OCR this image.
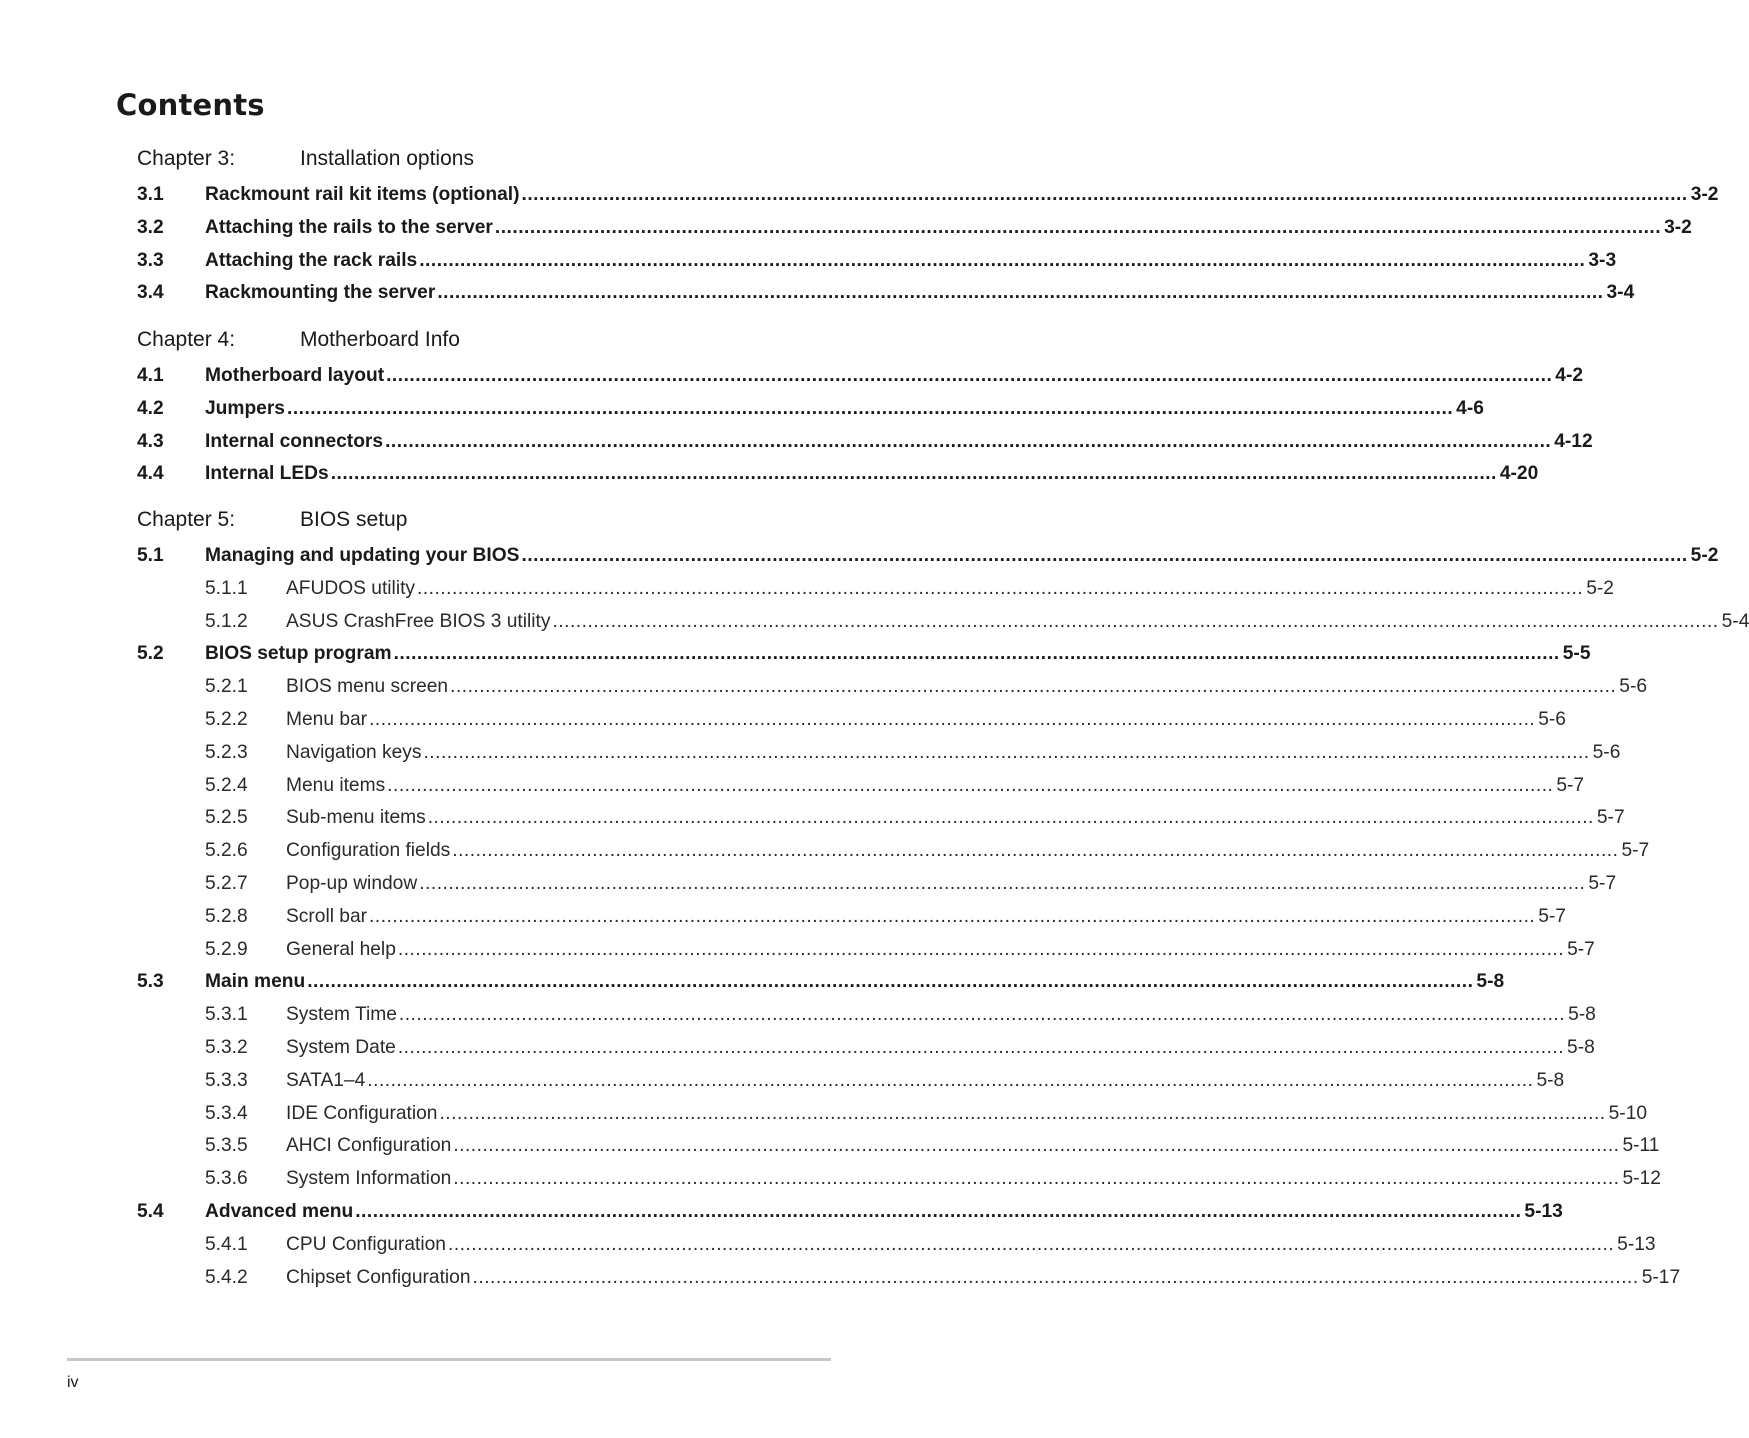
Contents
Chapter 3:	Installation options
3.1 Rackmount rail kit items (optional) ........................................................................................................................................................................................................ 3-2
3.2 Attaching the rails to the server ........................................................................................................................................................................................................ 3-2
3.3 Attaching the rack rails ........................................................................................................................................................................................................ 3-3
3.4 Rackmounting the server ........................................................................................................................................................................................................ 3-4
Chapter 4:	Motherboard Info
4.1 Motherboard layout ........................................................................................................................................................................................................ 4-2
4.2 Jumpers ........................................................................................................................................................................................................ 4-6
4.3 Internal connectors ........................................................................................................................................................................................................ 4-12
4.4 Internal LEDs ........................................................................................................................................................................................................ 4-20
Chapter 5:	BIOS setup
5.1 Managing and updating your BIOS ........................................................................................................................................................................................................ 5-2
5.1.1 AFUDOS utility ........................................................................................................................................................................................................ 5-2
5.1.2 ASUS CrashFree BIOS 3 utility ........................................................................................................................................................................................................ 5-4
5.2 BIOS setup program ........................................................................................................................................................................................................ 5-5
5.2.1 BIOS menu screen ........................................................................................................................................................................................................ 5-6
5.2.2 Menu bar ........................................................................................................................................................................................................ 5-6
5.2.3 Navigation keys ........................................................................................................................................................................................................ 5-6
5.2.4 Menu items ........................................................................................................................................................................................................ 5-7
5.2.5 Sub-menu items ........................................................................................................................................................................................................ 5-7
5.2.6 Configuration fields ........................................................................................................................................................................................................ 5-7
5.2.7 Pop-up window ........................................................................................................................................................................................................ 5-7
5.2.8 Scroll bar ........................................................................................................................................................................................................ 5-7
5.2.9 General help ........................................................................................................................................................................................................ 5-7
5.3 Main menu ........................................................................................................................................................................................................ 5-8
5.3.1 System Time ........................................................................................................................................................................................................ 5-8
5.3.2 System Date ........................................................................................................................................................................................................ 5-8
5.3.3 SATA1–4 ........................................................................................................................................................................................................ 5-8
5.3.4 IDE Configuration ........................................................................................................................................................................................................ 5-10
5.3.5 AHCI Configuration ........................................................................................................................................................................................................ 5-11
5.3.6 System Information ........................................................................................................................................................................................................ 5-12
5.4 Advanced menu ........................................................................................................................................................................................................ 5-13
5.4.1 CPU Configuration ........................................................................................................................................................................................................ 5-13
5.4.2 Chipset Configuration ........................................................................................................................................................................................................ 5-17
iv
